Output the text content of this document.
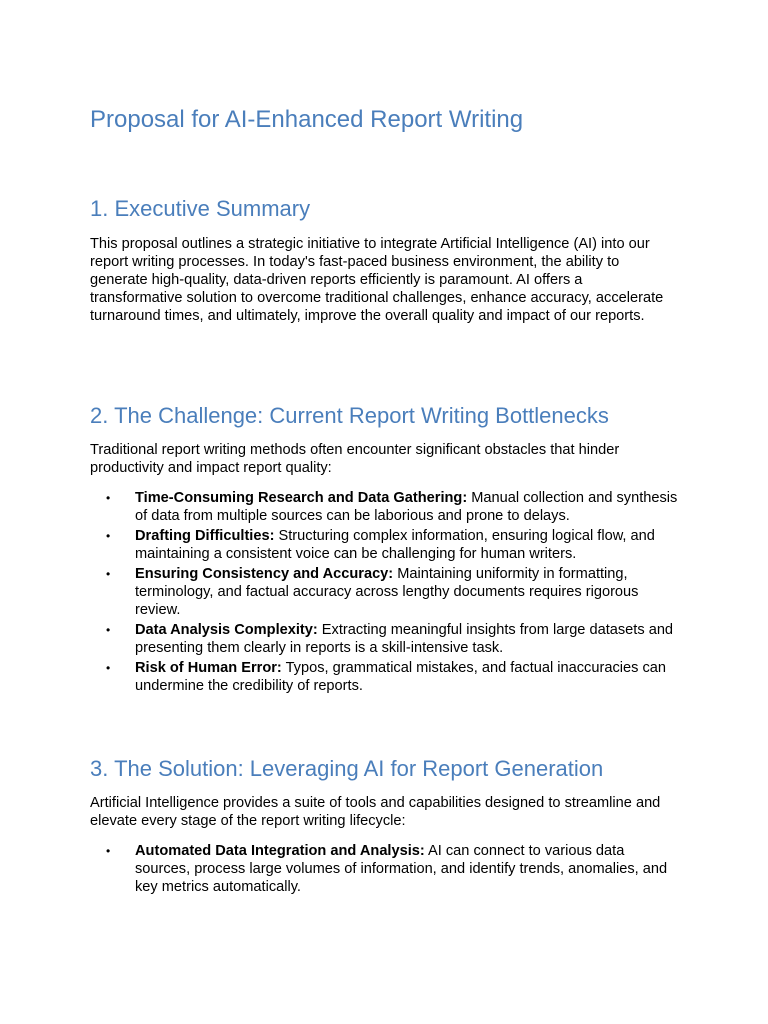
Proposal for AI-Enhanced Report Writing
1. Executive Summary

This proposal outlines a strategic initiative to integrate Artificial Intelligence (AI) into our report writing processes. In today's fast-paced business environment, the ability to generate high-quality, data-driven reports efficiently is paramount. AI offers a transformative solution to overcome traditional challenges, enhance accuracy, accelerate turnaround times, and ultimately, improve the overall quality and impact of our reports.

2. The Challenge: Current Report Writing Bottlenecks

Traditional report writing methods often encounter significant obstacles that hinder productivity and impact report quality:

• Time-Consuming Research and Data Gathering: Manual collection and synthesis of data from multiple sources can be laborious and prone to delays.
• Drafting Difficulties: Structuring complex information, ensuring logical flow, and maintaining a consistent voice can be challenging for human writers.
• Ensuring Consistency and Accuracy: Maintaining uniformity in formatting, terminology, and factual accuracy across lengthy documents requires rigorous review.
• Data Analysis Complexity: Extracting meaningful insights from large datasets and presenting them clearly in reports is a skill-intensive task.
• Risk of Human Error: Typos, grammatical mistakes, and factual inaccuracies can undermine the credibility of reports.
3. The Solution: Leveraging AI for Report Generation

Artificial Intelligence provides a suite of tools and capabilities designed to streamline and elevate every stage of the report writing lifecycle:

• Automated Data Integration and Analysis: AI can connect to various data sources, process large volumes of information, and identify trends, anomalies, and key metrics automatically.
